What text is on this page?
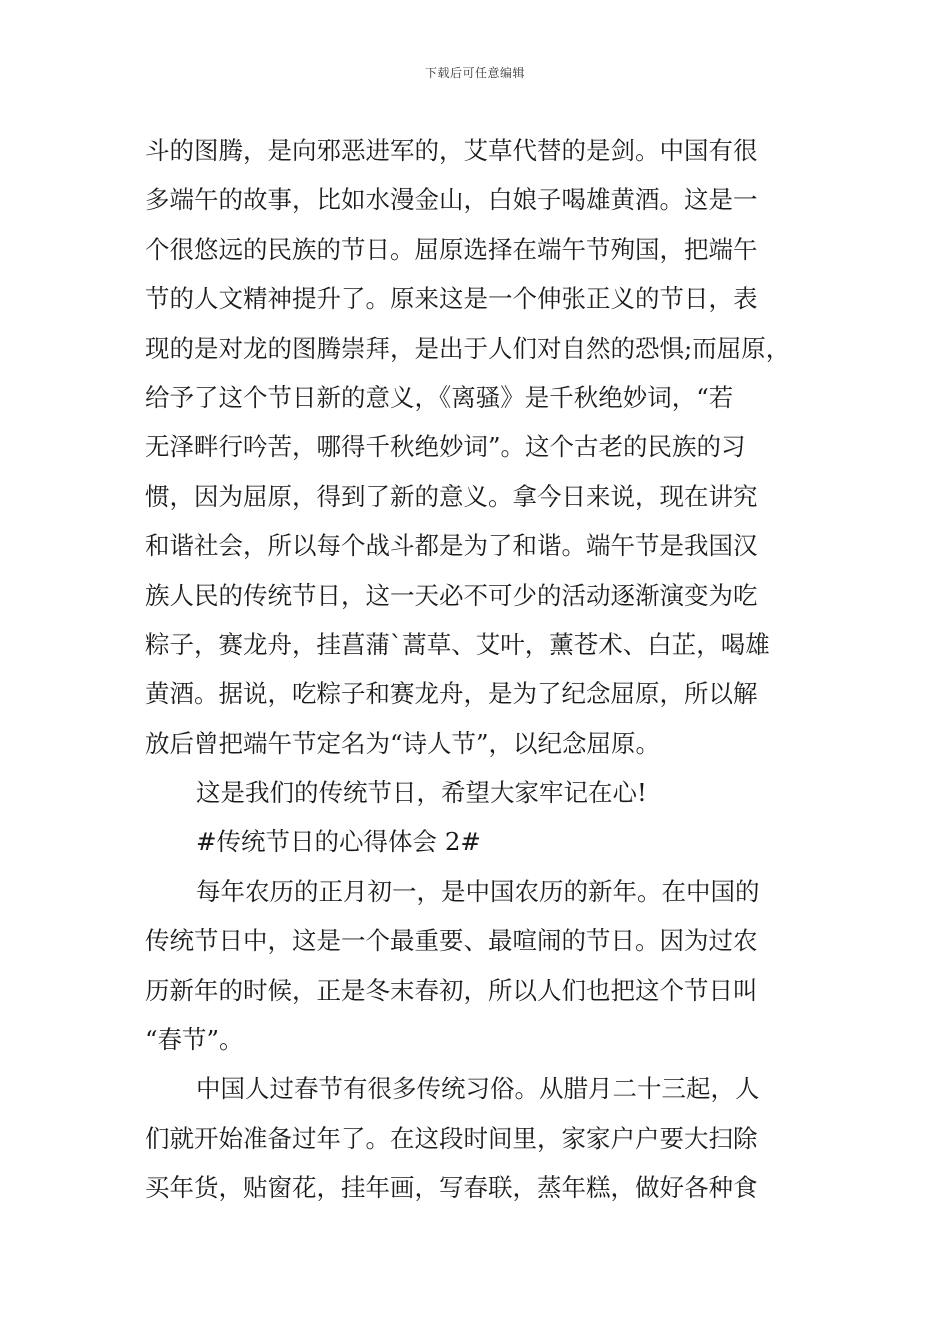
下载后可任意编辑
斗的图腾，是向邪恶进军的，艾草代替的是剑。中国有很
多端午的故事，比如水漫金山，白娘子喝雄黄酒。这是一
个很悠远的民族的节日。屈原选择在端午节殉国，把端午
节的人文精神提升了。原来这是一个伸张正义的节日，表
现的是对龙的图腾崇拜，是出于人们对自然的恐惧;而屈原，
给予了这个节日新的意义，《离骚》是千秋绝妙词，“若
无泽畔行吟苦，哪得千秋绝妙词”。这个古老的民族的习
惯，因为屈原，得到了新的意义。拿今日来说，现在讲究
和谐社会，所以每个战斗都是为了和谐。端午节是我国汉
族人民的传统节日，这一天必不可少的活动逐渐演变为吃
粽子，赛龙舟，挂菖蒲`蒿草、艾叶，薰苍术、白芷，喝雄
黄酒。据说，吃粽子和赛龙舟，是为了纪念屈原，所以解
放后曾把端午节定名为“诗人节”，以纪念屈原。
这是我们的传统节日，希望大家牢记在心!
#传统节日的心得体会 2#
每年农历的正月初一，是中国农历的新年。在中国的
传统节日中，这是一个最重要、最喧闹的节日。因为过农
历新年的时候，正是冬末春初，所以人们也把这个节日叫
“春节”。
中国人过春节有很多传统习俗。从腊月二十三起，人
们就开始准备过年了。在这段时间里，家家户户要大扫除
买年货，贴窗花，挂年画，写春联，蒸年糕，做好各种食
